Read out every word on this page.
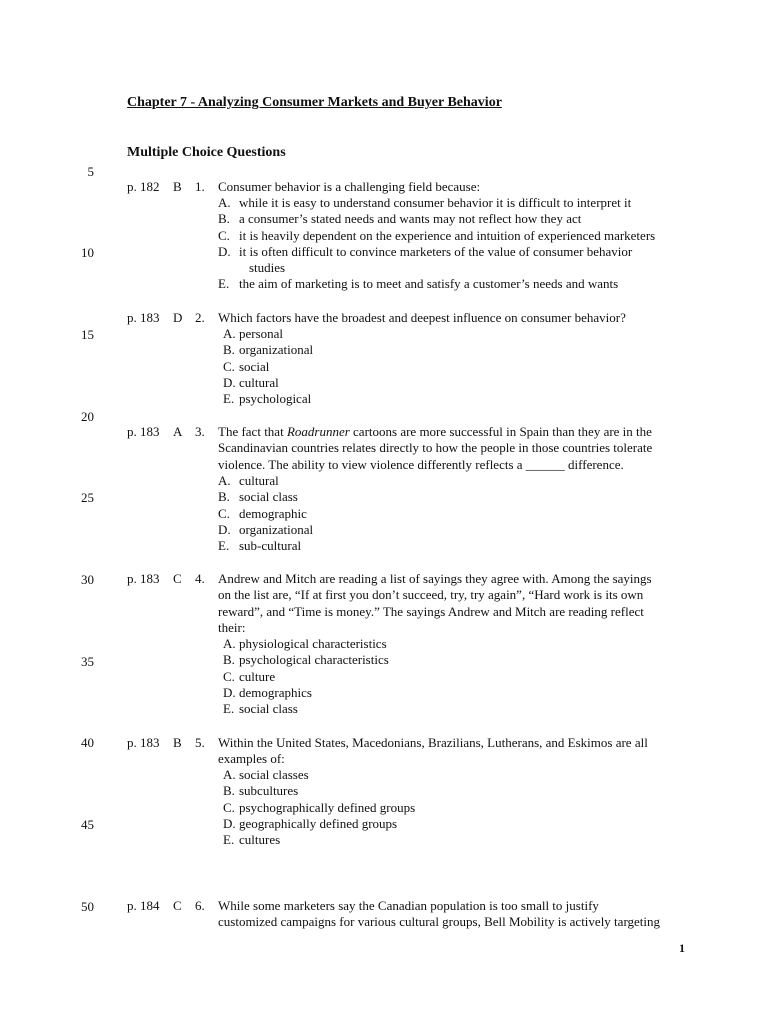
Chapter 7 - Analyzing Consumer Markets and Buyer Behavior
Multiple Choice Questions
5
10
15
20
25
30
35
40
45
50
p. 182 B 1.	Consumer behavior is a challenging field because:
A. while it is easy to understand consumer behavior it is difficult to interpret it
B. a consumer’s stated needs and wants may not reflect how they act
C. it is heavily dependent on the experience and intuition of experienced marketers
D. it is often difficult to convince marketers of the value of consumer behavior
studies
E. the aim of marketing is to meet and satisfy a customer’s needs and wants
p. 183 D 2.	Which factors have the broadest and deepest influence on consumer behavior?
A. personal
B. organizational
C. social
D. cultural
E. psychological
p. 183 A 3.	The fact that Roadrunner cartoons are more successful in Spain than they are in the
Scandinavian countries relates directly to how the people in those countries tolerate
violence. The ability to view violence differently reflects a ______ difference.
A. cultural
B. social class
C. demographic
D. organizational
E. sub-cultural
p. 183 C 4.	Andrew and Mitch are reading a list of sayings they agree with. Among the sayings
on the list are, “If at first you don’t succeed, try, try again”, “Hard work is its own
reward”, and “Time is money.” The sayings Andrew and Mitch are reading reflect
their:
A. physiological characteristics
B. psychological characteristics
C. culture
D. demographics
E. social class
p. 183 B 5.	Within the United States, Macedonians, Brazilians, Lutherans, and Eskimos are all
examples of:
A. social classes
B. subcultures
C. psychographically defined groups
D. geographically defined groups
E. cultures
p. 184 C 6.	While some marketers say the Canadian population is too small to justify
customized campaigns for various cultural groups, Bell Mobility is actively targeting
1
